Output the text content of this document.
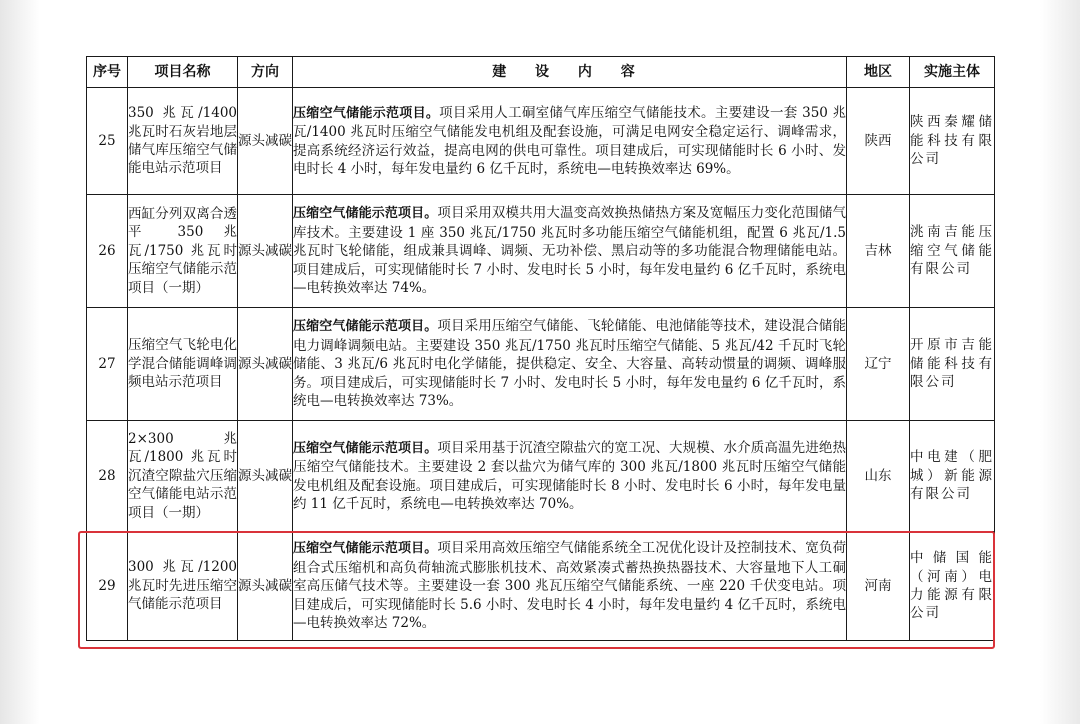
序号	项目名称	方向	建 设 内 容	地区	实施主体
25	350 兆瓦/1400 兆瓦时石灰岩地层储气库压缩空气储能电站示范项目	源头减碳	压缩空气储能示范项目。项目采用人工硐室储气库压缩空气储能技术。主要建设一套 350 兆瓦/1400 兆瓦时压缩空气储能发电机组及配套设施，可满足电网安全稳定运行、调峰需求，提高系统经济运行效益，提高电网的供电可靠性。项目建成后，可实现储能时长 6 小时、发电时长 4 小时，每年发电量约 6 亿千瓦时，系统电—电转换效率达 69%。	陕西	陕西秦耀储能科技有限公司
26	西缸分列双离合透平 350 兆瓦/1750 兆瓦时压缩空气储能示范项目（一期）	源头减碳	压缩空气储能示范项目。项目采用双模共用大温变高效换热储热方案及宽幅压力变化范围储气库技术。主要建设 1 座 350 兆瓦/1750 兆瓦时多功能压缩空气储能机组，配置 6 兆瓦/1.5 兆瓦时飞轮储能，组成兼具调峰、调频、无功补偿、黑启动等的多功能混合物理储能电站。项目建成后，可实现储能时长 7 小时、发电时长 5 小时，每年发电量约 6 亿千瓦时，系统电—电转换效率达 74%。	吉林	洮南吉能压缩空气储能有限公司
27	压缩空气飞轮电化学混合储能调峰调频电站示范项目	源头减碳	压缩空气储能示范项目。项目采用压缩空气储能、飞轮储能、电池储能等技术，建设混合储能电力调峰调频电站。主要建设 350 兆瓦/1750 兆瓦时压缩空气储能、5 兆瓦/42 千瓦时飞轮储能、3 兆瓦/6 兆瓦时电化学储能，提供稳定、安全、大容量、高转动惯量的调频、调峰服务。项目建成后，可实现储能时长 7 小时、发电时长 5 小时，每年发电量约 6 亿千瓦时，系统电—电转换效率达 73%。	辽宁	开原市吉能储能科技有限公司
28	2×300 兆瓦/1800 兆瓦时沉渣空隙盐穴压缩空气储能电站示范项目（一期）	源头减碳	压缩空气储能示范项目。项目采用基于沉渣空隙盐穴的宽工况、大规模、水介质高温先进绝热压缩空气储能技术。主要建设 2 套以盐穴为储气库的 300 兆瓦/1800 兆瓦时压缩空气储能发电机组及配套设施。项目建成后，可实现储能时长 8 小时、发电时长 6 小时，每年发电量约 11 亿千瓦时，系统电—电转换效率达 70%。	山东	中电建（肥城）新能源有限公司
29	300 兆瓦/1200 兆瓦时先进压缩空气储能示范项目	源头减碳	压缩空气储能示范项目。项目采用高效压缩空气储能系统全工况优化设计及控制技术、宽负荷组合式压缩机和高负荷轴流式膨胀机技术、高效紧凑式蓄热换热器技术、大容量地下人工硐室高压储气技术等。主要建设一套 300 兆瓦压缩空气储能系统、一座 220 千伏变电站。项目建成后，可实现储能时长 5.6 小时、发电时长 4 小时，每年发电量约 4 亿千瓦时，系统电—电转换效率达 72%。	河南	中储国能（河南）电力能源有限公司
